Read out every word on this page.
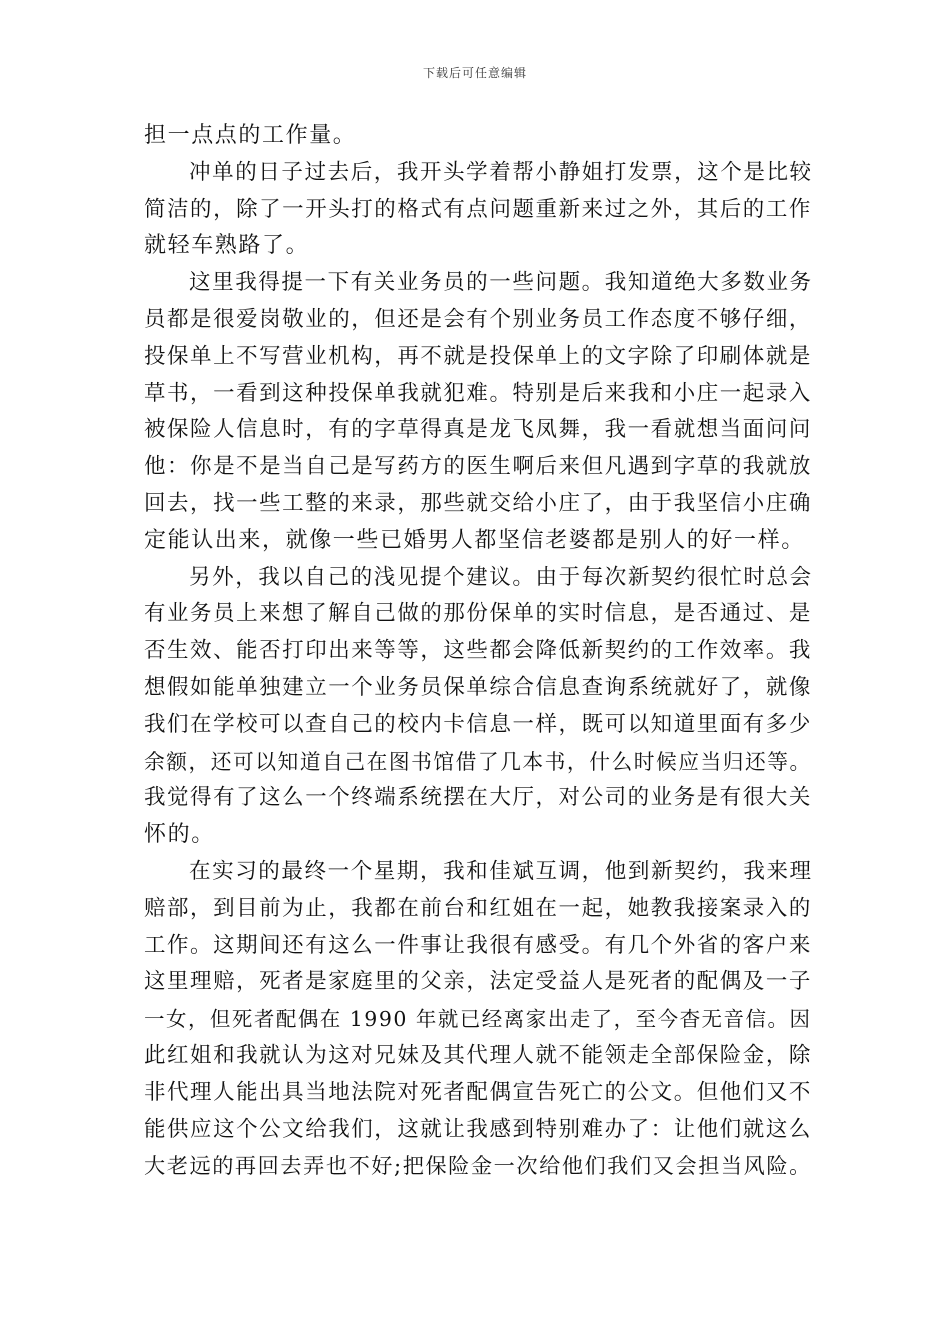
下载后可任意编辑
担一点点的工作量。
冲单的日子过去后，我开头学着帮小静姐打发票，这个是比较
简洁的，除了一开头打的格式有点问题重新来过之外，其后的工作
就轻车熟路了。
这里我得提一下有关业务员的一些问题。我知道绝大多数业务
员都是很爱岗敬业的，但还是会有个别业务员工作态度不够仔细，
投保单上不写营业机构，再不就是投保单上的文字除了印刷体就是
草书，一看到这种投保单我就犯难。特别是后来我和小庄一起录入
被保险人信息时，有的字草得真是龙飞凤舞，我一看就想当面问问
他：你是不是当自己是写药方的医生啊后来但凡遇到字草的我就放
回去，找一些工整的来录，那些就交给小庄了，由于我坚信小庄确
定能认出来，就像一些已婚男人都坚信老婆都是别人的好一样。
另外，我以自己的浅见提个建议。由于每次新契约很忙时总会
有业务员上来想了解自己做的那份保单的实时信息，是否通过、是
否生效、能否打印出来等等，这些都会降低新契约的工作效率。我
想假如能单独建立一个业务员保单综合信息查询系统就好了，就像
我们在学校可以查自己的校内卡信息一样，既可以知道里面有多少
余额，还可以知道自己在图书馆借了几本书，什么时候应当归还等。
我觉得有了这么一个终端系统摆在大厅，对公司的业务是有很大关
怀的。
在实习的最终一个星期，我和佳斌互调，他到新契约，我来理
赔部，到目前为止，我都在前台和红姐在一起，她教我接案录入的
工作。这期间还有这么一件事让我很有感受。有几个外省的客户来
这里理赔，死者是家庭里的父亲，法定受益人是死者的配偶及一子
一女，但死者配偶在 1990 年就已经离家出走了，至今杳无音信。因
此红姐和我就认为这对兄妹及其代理人就不能领走全部保险金，除
非代理人能出具当地法院对死者配偶宣告死亡的公文。但他们又不
能供应这个公文给我们，这就让我感到特别难办了：让他们就这么
大老远的再回去弄也不好;把保险金一次给他们我们又会担当风险。
